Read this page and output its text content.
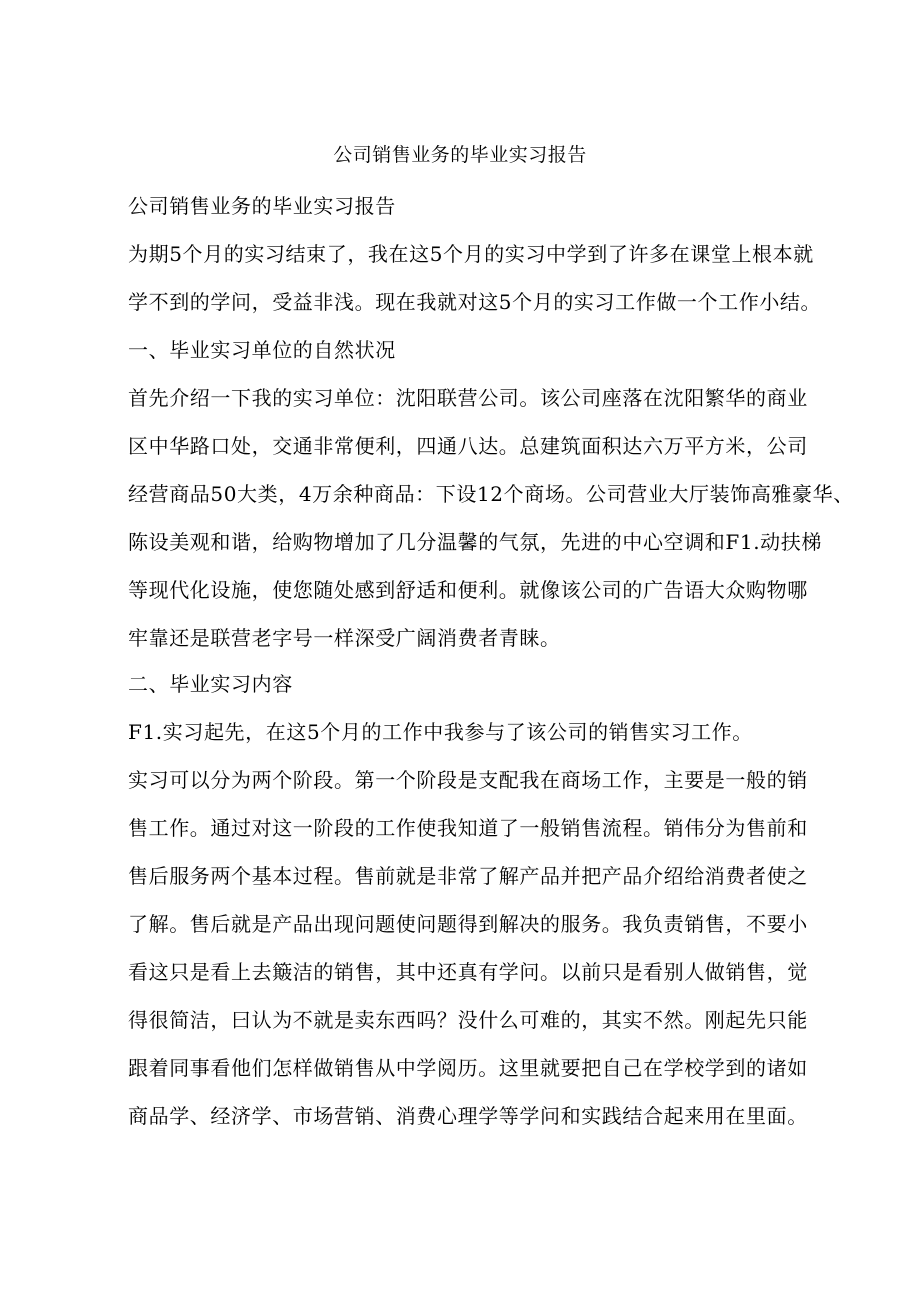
公司销售业务的毕业实习报告
公司销售业务的毕业实习报告
为期5个月的实习结束了，我在这5个月的实习中学到了许多在课堂上根本就
学不到的学问，受益非浅。现在我就对这5个月的实习工作做一个工作小结。
一、毕业实习单位的自然状况
首先介绍一下我的实习单位：沈阳联营公司。该公司座落在沈阳繁华的商业
区中华路口处，交通非常便利，四通八达。总建筑面积达六万平方米，公司
经营商品50大类，4万余种商品：下设12个商场。公司营业大厅装饰高雅豪华、
陈设美观和谐，给购物增加了几分温馨的气氛，先进的中心空调和F1.动扶梯
等现代化设施，使您随处感到舒适和便利。就像该公司的广告语大众购物哪
牢靠还是联营老字号一样深受广阔消费者青睐。
二、毕业实习内容
F1.实习起先，在这5个月的工作中我参与了该公司的销售实习工作。
实习可以分为两个阶段。第一个阶段是支配我在商场工作，主要是一般的销
售工作。通过对这一阶段的工作使我知道了一般销售流程。销伟分为售前和
售后服务两个基本过程。售前就是非常了解产品并把产品介绍给消费者使之
了解。售后就是产品出现问题使问题得到解决的服务。我负责销售，不要小
看这只是看上去簸洁的销售，其中还真有学问。以前只是看别人做销售，觉
得很简洁，曰认为不就是卖东西吗？没什么可难的，其实不然。刚起先只能
跟着同事看他们怎样做销售从中学阅历。这里就要把自己在学校学到的诸如
商品学、经济学、市场营销、消费心理学等学问和实践结合起来用在里面。
